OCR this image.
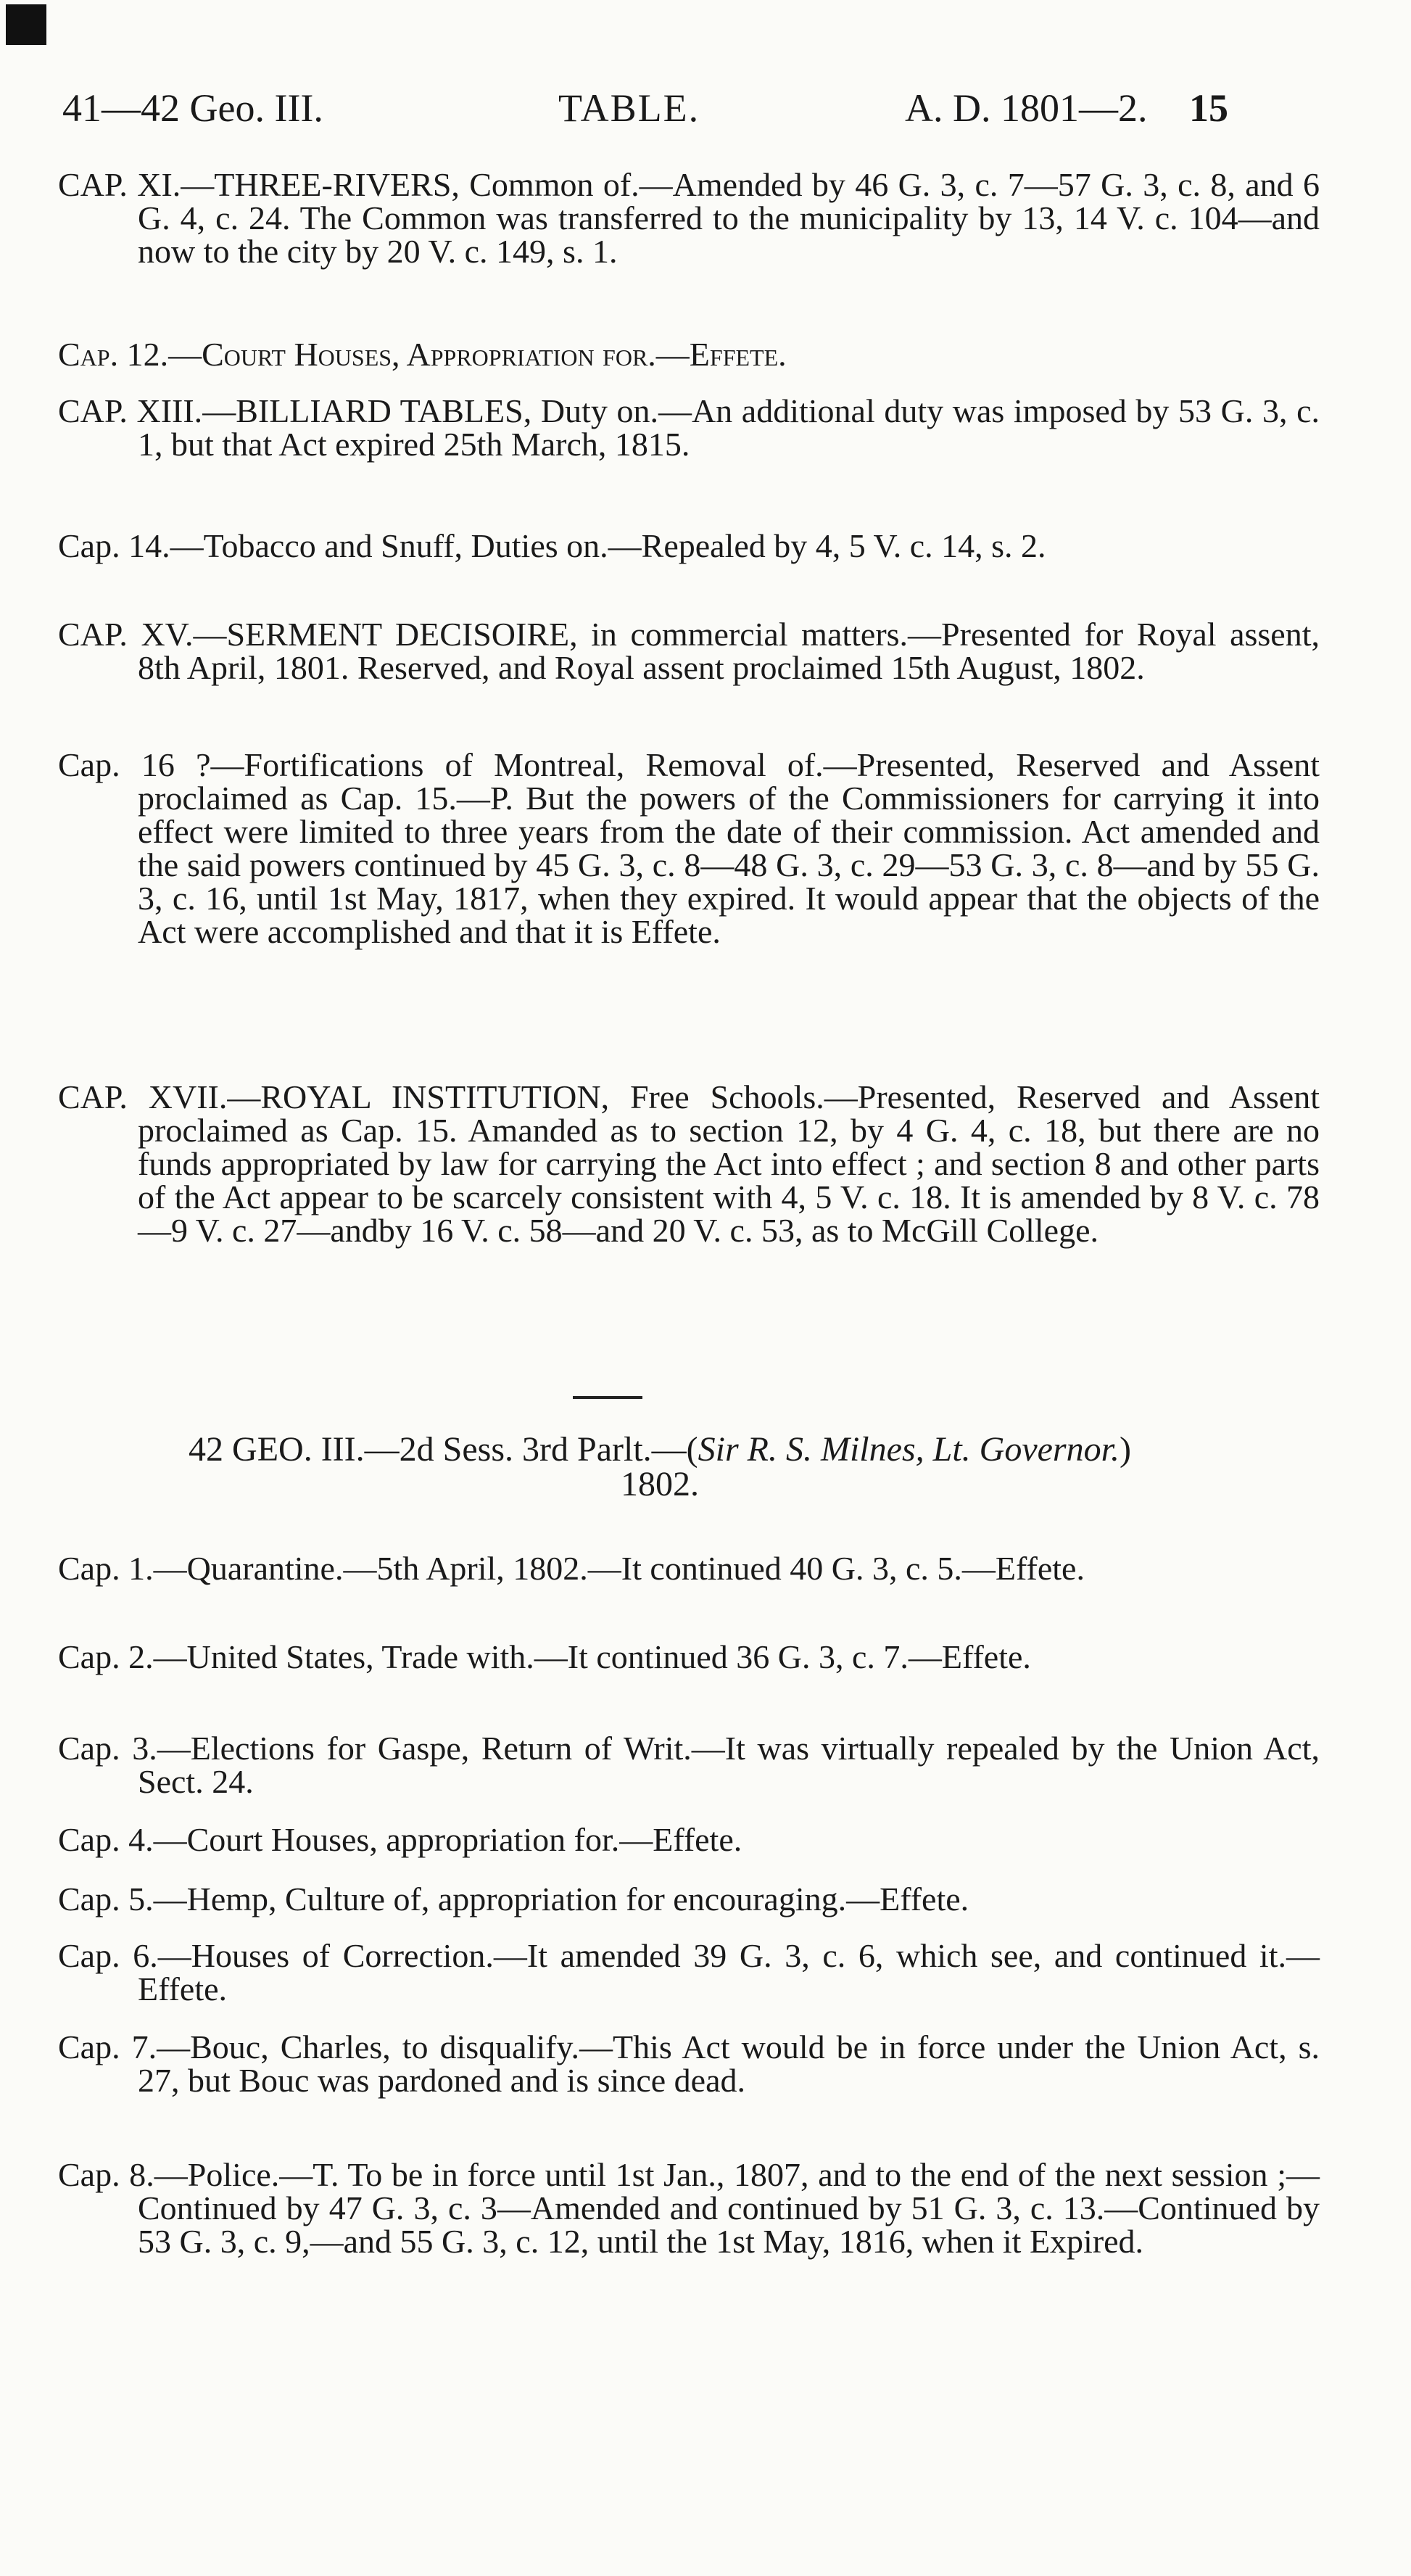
41—42 Geo. III.	TABLE.	A. D. 1801—2. 15
CAP. XI.—THREE-RIVERS, Common of.—Amended by 46 G. 3, c. 7—57 G. 3, c. 8, and 6 G. 4, c. 24. The Common was transferred to the municipality by 13, 14 V. c. 104—and now to the city by 20 V. c. 149, s. 1.
Cap. 12.—Court Houses, Appropriation for.—Effete.
CAP. XIII.—BILLIARD TABLES, Duty on.—An additional duty was imposed by 53 G. 3, c. 1, but that Act expired 25th March, 1815.
Cap. 14.—Tobacco and Snuff, Duties on.—Repealed by 4, 5 V. c. 14, s. 2.
CAP. XV.—SERMENT DECISOIRE, in commercial matters.—Presented for Royal assent, 8th April, 1801. Reserved, and Royal assent proclaimed 15th August, 1802.
Cap. 16 ?—Fortifications of Montreal, Removal of.—Presented, Reserved and Assent proclaimed as Cap. 15.—P. But the powers of the Commissioners for carrying it into effect were limited to three years from the date of their commission. Act amended and the said powers continued by 45 G. 3, c. 8—48 G. 3, c. 29—53 G. 3, c. 8—and by 55 G. 3, c. 16, until 1st May, 1817, when they expired. It would appear that the objects of the Act were accomplished and that it is Effete.
CAP. XVII.—ROYAL INSTITUTION, Free Schools.—Presented, Reserved and Assent proclaimed as Cap. 15. Amanded as to section 12, by 4 G. 4, c. 18, but there are no funds appropriated by law for carrying the Act into effect ; and section 8 and other parts of the Act appear to be scarcely consistent with 4, 5 V. c. 18. It is amended by 8 V. c. 78—9 V. c. 27—andby 16 V. c. 58—and 20 V. c. 53, as to McGill College.
42 GEO. III.—2d Sess. 3rd Parlt.—(Sir R. S. Milnes, Lt. Governor.)
1802.
Cap. 1.—Quarantine.—5th April, 1802.—It continued 40 G. 3, c. 5.—Effete.
Cap. 2.—United States, Trade with.—It continued 36 G. 3, c. 7.—Effete.
Cap. 3.—Elections for Gaspe, Return of Writ.—It was virtually repealed by the Union Act, Sect. 24.
Cap. 4.—Court Houses, appropriation for.—Effete.
Cap. 5.—Hemp, Culture of, appropriation for encouraging.—Effete.
Cap. 6.—Houses of Correction.—It amended 39 G. 3, c. 6, which see, and continued it.—Effete.
Cap. 7.—Bouc, Charles, to disqualify.—This Act would be in force under the Union Act, s. 27, but Bouc was pardoned and is since dead.
Cap. 8.—Police.—T. To be in force until 1st Jan., 1807, and to the end of the next session ;—Continued by 47 G. 3, c. 3—Amended and continued by 51 G. 3, c. 13.—Continued by 53 G. 3, c. 9,—and 55 G. 3, c. 12, until the 1st May, 1816, when it Expired.
